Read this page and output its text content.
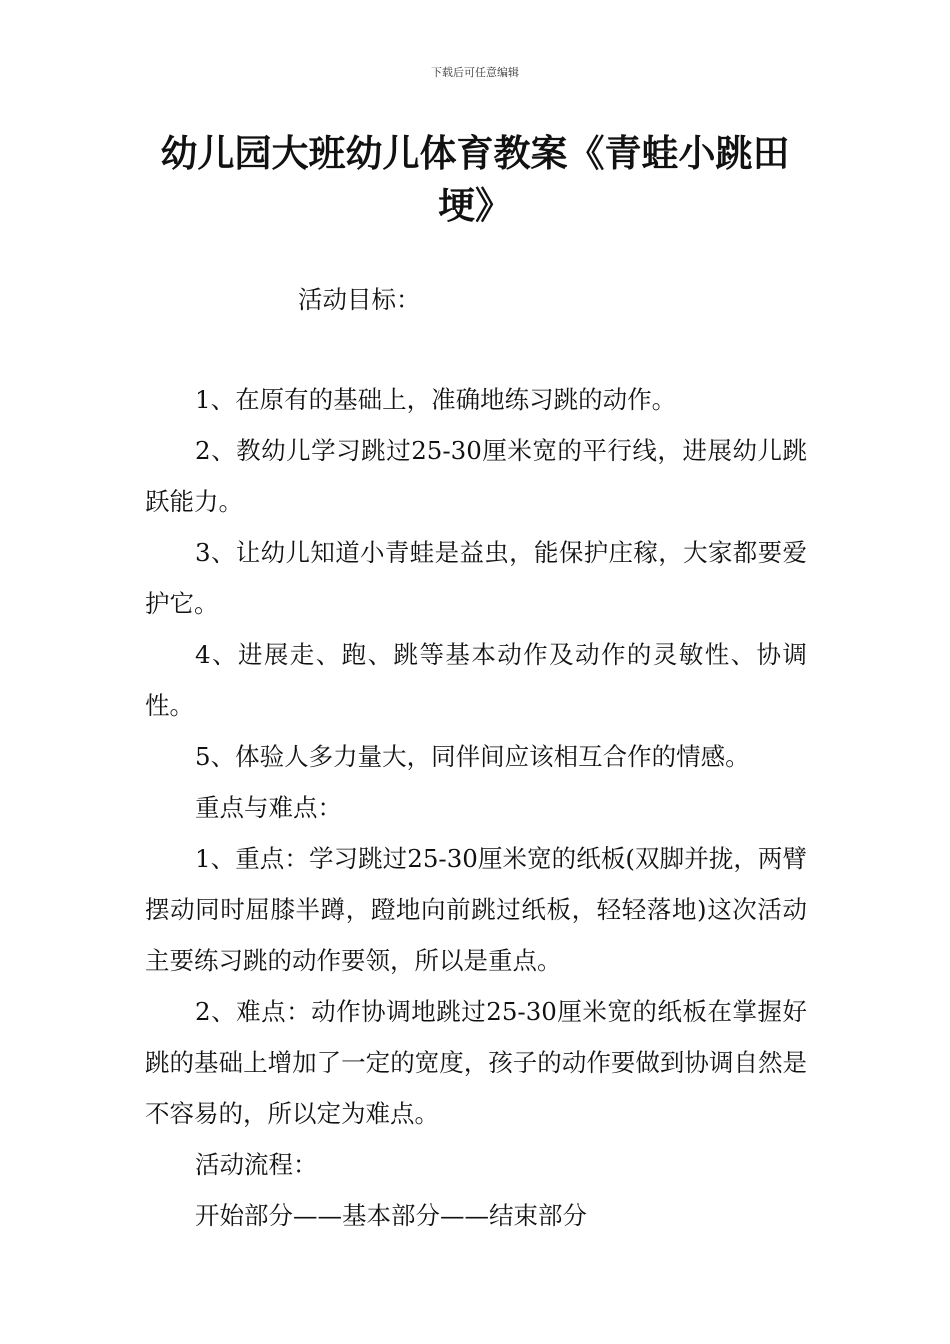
下载后可任意编辑
幼儿园大班幼儿体育教案《青蛙小跳田埂》

活动目标：

1、在原有的基础上，准确地练习跳的动作。

2、教幼儿学习跳过25-30厘米宽的平行线，进展幼儿跳跃能力。

3、让幼儿知道小青蛙是益虫，能保护庄稼，大家都要爱护它。

4、进展走、跑、跳等基本动作及动作的灵敏性、协调性。

5、体验人多力量大，同伴间应该相互合作的情感。

重点与难点：

1、重点：学习跳过25-30厘米宽的纸板(双脚并拢，两臂摆动同时屈膝半蹲，蹬地向前跳过纸板，轻轻落地)这次活动主要练习跳的动作要领，所以是重点。

2、难点：动作协调地跳过25-30厘米宽的纸板在掌握好跳的基础上增加了一定的宽度，孩子的动作要做到协调自然是不容易的，所以定为难点。

活动流程：

开始部分——基本部分——结束部分
